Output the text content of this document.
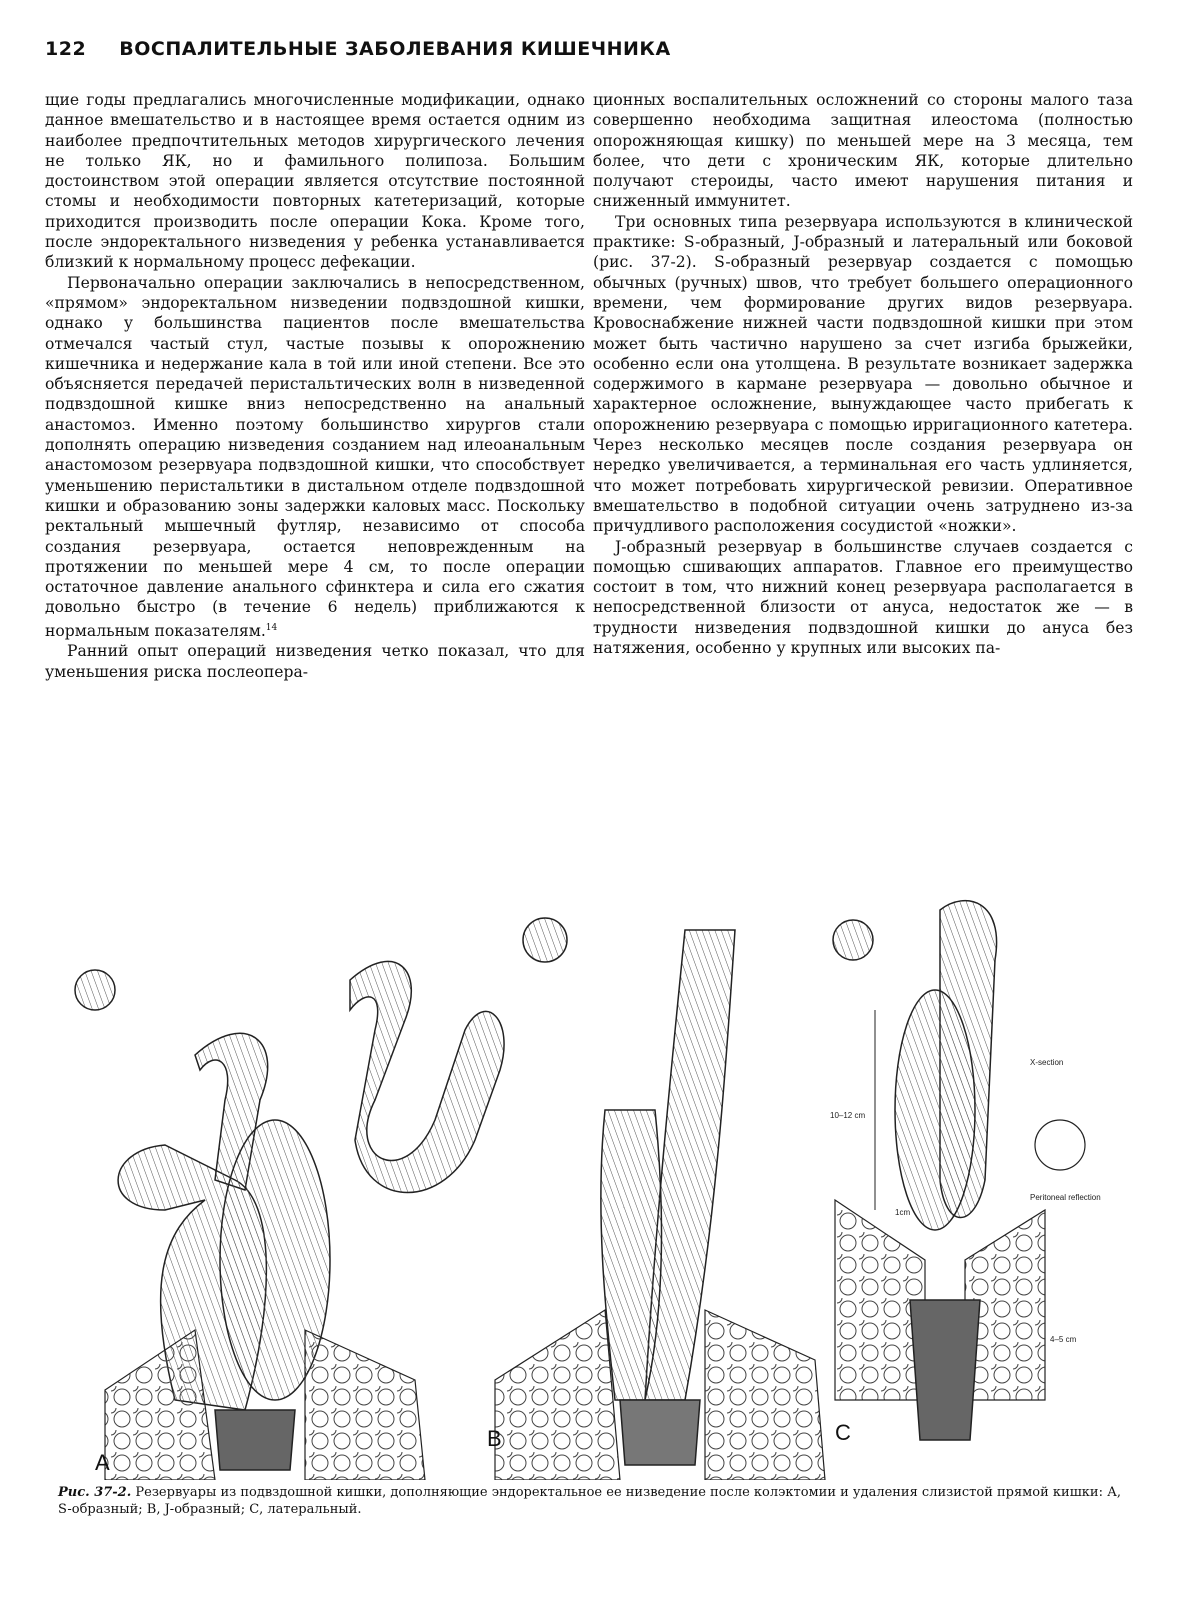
122 ВОСПАЛИТЕЛЬНЫЕ ЗАБОЛЕВАНИЯ КИШЕЧНИКА

щие годы предлагались многочисленные модификации, однако данное вмешательство и в настоящее время остается одним из наиболее предпочтительных методов хирургического лечения не только ЯК, но и фамильного полипоза. Большим достоинством этой операции является отсутствие постоянной стомы и необходимости повторных катетеризаций, которые приходится производить после операции Кока. Кроме того, после эндоректального низведения у ребенка устанавливается близкий к нормальному процесс дефекации.

Первоначально операции заключались в непосредственном, «прямом» эндоректальном низведении подвздошной кишки, однако у большинства пациентов после вмешательства отмечался частый стул, частые позывы к опорожнению кишечника и недержание кала в той или иной степени. Все это объясняется передачей перистальтических волн в низведенной подвздошной кишке вниз непосредственно на анальный анастомоз. Именно поэтому большинство хирургов стали дополнять операцию низведения созданием над илеоанальным анастомозом резервуара подвздошной кишки, что способствует уменьшению перистальтики в дистальном отделе подвздошной кишки и образованию зоны задержки каловых масс. Поскольку ректальный мышечный футляр, независимо от способа создания резервуара, остается неповрежденным на протяжении по меньшей мере 4 см, то после операции остаточное давление анального сфинктера и сила его сжатия довольно быстро (в течение 6 недель) приближаются к нормальным показателям.$^{14}$

Ранний опыт операций низведения четко показал, что для уменьшения риска послеопера-

ционных воспалительных осложнений со стороны малого таза совершенно необходима защитная илеостома (полностью опорожняющая кишку) по меньшей мере на 3 месяца, тем более, что дети с хроническим ЯК, которые длительно получают стероиды, часто имеют нарушения питания и сниженный иммунитет.

Три основных типа резервуара используются в клинической практике: S-образный, J-образный и латеральный или боковой (рис. 37-2). S-образный резервуар создается с помощью обычных (ручных) швов, что требует большего операционного времени, чем формирование других видов резервуара. Кровоснабжение нижней части подвздошной кишки при этом может быть частично нарушено за счет изгиба брыжейки, особенно если она утолщена. В результате возникает задержка содержимого в кармане резервуара — довольно обычное и характерное осложнение, вынуждающее часто прибегать к опорожнению резервуара с помощью ирригационного катетера. Через несколько месяцев после создания резервуара он нередко увеличивается, а терминальная его часть удлиняется, что может потребовать хирургической ревизии. Оперативное вмешательство в подобной ситуации очень затруднено из-за причудливого расположения сосудистой «ножки».

J-образный резервуар в большинстве случаев создается с помощью сшивающих аппаратов. Главное его преимущество состоит в том, что нижний конец резервуара располагается в непосредственной близости от ануса, недостаток же — в трудности низведения подвздошной кишки до ануса без натяжения, особенно у крупных или высоких па-

A
B
10–12 cm
X-section
1cm
Peritoneal reflection
4–5 cm
C
Рис. 37-2. Резервуары из подвздошной кишки, дополняющие эндоректальное ее низведение после колэктомии и удаления слизистой прямой кишки: А, S-образный; В, J-образный; С, латеральный.
